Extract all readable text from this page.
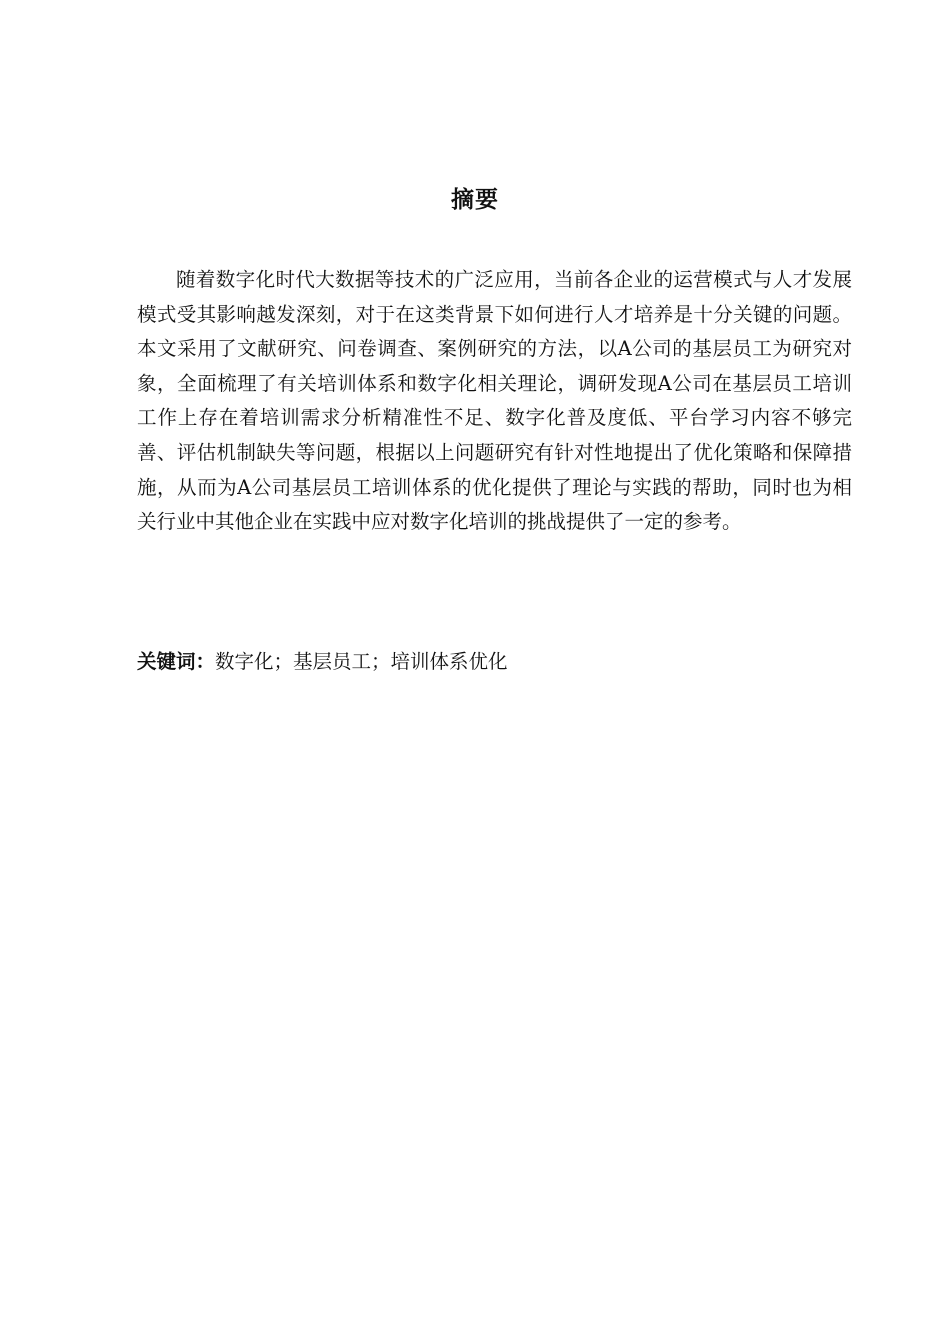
摘要

随着数字化时代大数据等技术的广泛应用，当前各企业的运营模式与人才发展模式受其影响越发深刻，对于在这类背景下如何进行人才培养是十分关键的问题。本文采用了文献研究、问卷调查、案例研究的方法，以A公司的基层员工为研究对象，全面梳理了有关培训体系和数字化相关理论，调研发现A公司在基层员工培训工作上存在着培训需求分析精准性不足、数字化普及度低、平台学习内容不够完善、评估机制缺失等问题，根据以上问题研究有针对性地提出了优化策略和保障措施，从而为A公司基层员工培训体系的优化提供了理论与实践的帮助，同时也为相关行业中其他企业在实践中应对数字化培训的挑战提供了一定的参考。

关键词：数字化；基层员工；培训体系优化
